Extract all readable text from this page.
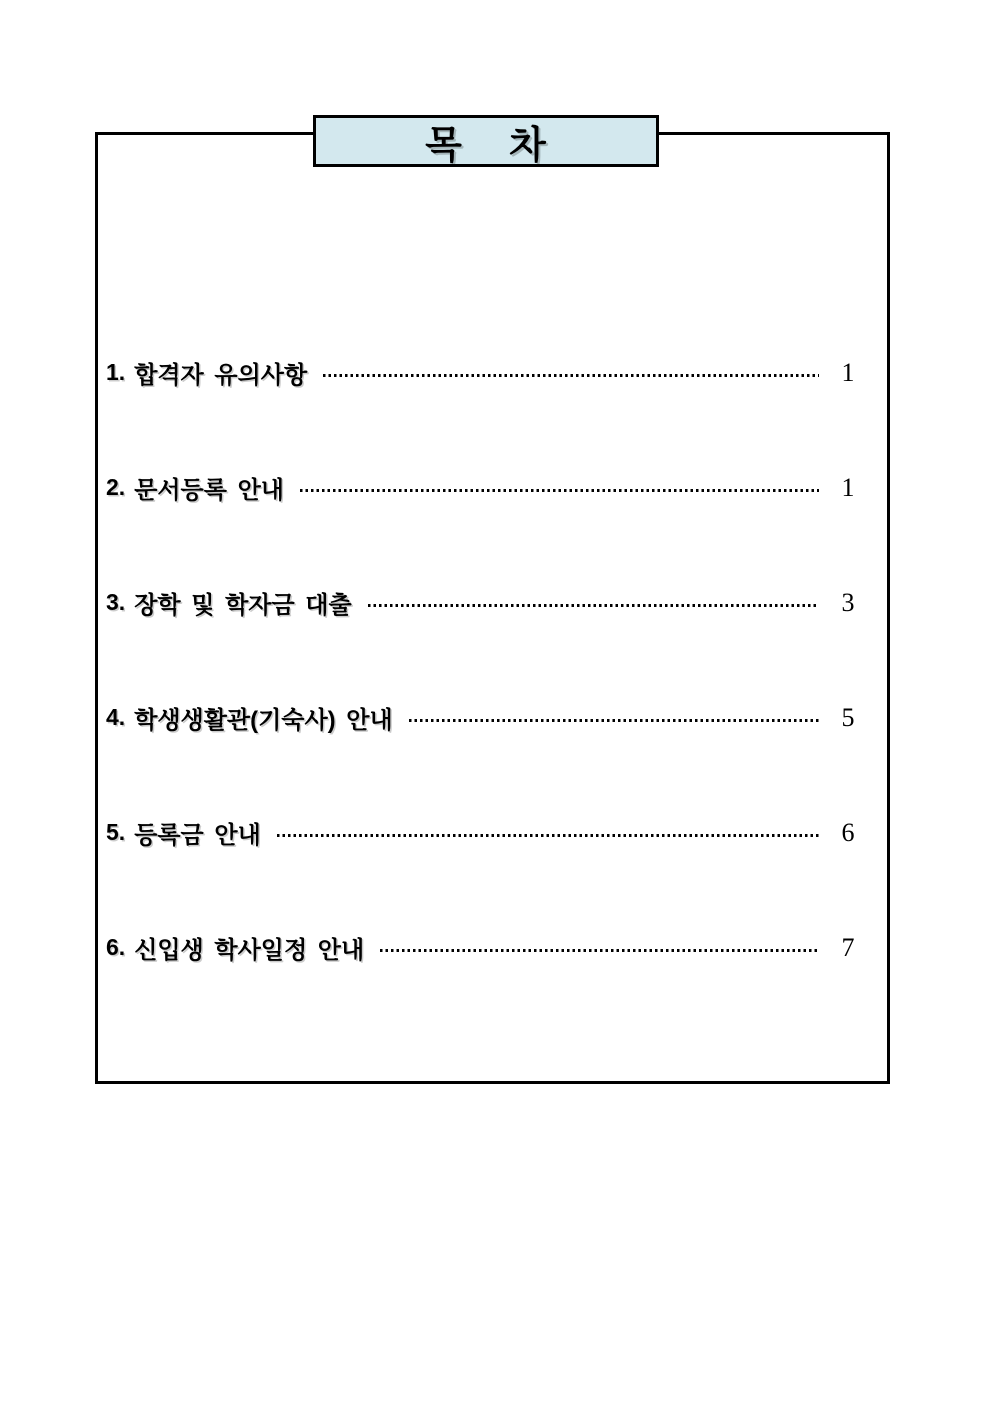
목    차
1. 합격자 유의사항	1
2. 문서등록 안내	1
3. 장학 및 학자금 대출	3
4. 학생생활관(기숙사) 안내	5
5. 등록금 안내	6
6. 신입생 학사일정 안내	7
